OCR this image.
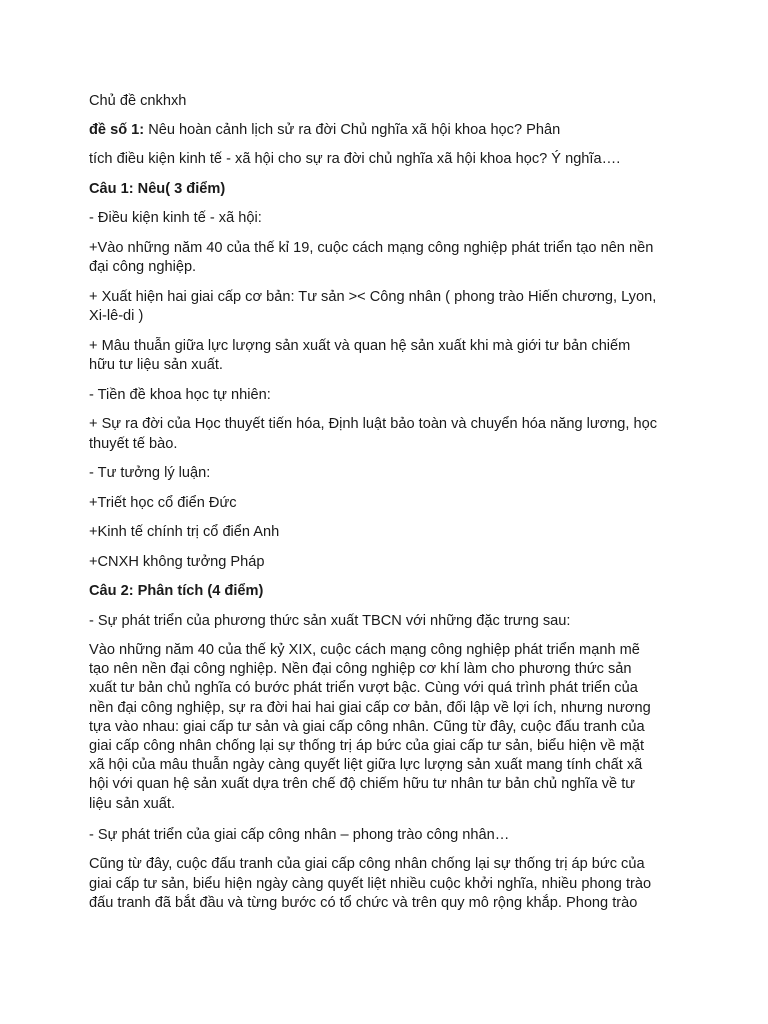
Chủ đề cnkhxh

đề số 1: Nêu hoàn cảnh lịch sử ra đời Chủ nghĩa xã hội khoa học? Phân

tích điều kiện kinh tế - xã hội cho sự ra đời chủ nghĩa xã hội khoa học? Ý nghĩa….

Câu 1: Nêu( 3 điểm)

- Điều kiện kinh tế - xã hội:

+Vào những năm 40 của thế kỉ 19, cuộc cách mạng công nghiệp phát triển tạo nên nền
đại công nghiệp.

+ Xuất hiện hai giai cấp cơ bản: Tư sản >< Công nhân ( phong trào Hiến chương, Lyon,
Xi-lê-di )

+ Mâu thuẫn giữa lực lượng sản xuất và quan hệ sản xuất khi mà giới tư bản chiếm
hữu tư liệu sản xuất.

- Tiền đề khoa học tự nhiên:

+ Sự ra đời của Học thuyết tiến hóa, Định luật bảo toàn và chuyển hóa năng lương, học
thuyết tế bào.

- Tư tưởng lý luận:

+Triết học cổ điển Đức

+Kinh tế chính trị cổ điển Anh

+CNXH không tưởng Pháp

Câu 2: Phân tích (4 điểm)

- Sự phát triển của phương thức sản xuất TBCN với những đặc trưng sau:

Vào những năm 40 của thế kỷ XIX, cuộc cách mạng công nghiệp phát triển mạnh mẽ
tạo nên nền đại công nghiệp. Nền đại công nghiệp cơ khí làm cho phương thức sản
xuất tư bản chủ nghĩa có bước phát triển vượt bậc. Cùng với quá trình phát triển của
nền đại công nghiệp, sự ra đời hai hai giai cấp cơ bản, đối lập về lợi ích, nhưng nương
tựa vào nhau: giai cấp tư sản và giai cấp công nhân. Cũng từ đây, cuộc đấu tranh của
giai cấp công nhân chống lại sự thống trị áp bức của giai cấp tư sản, biểu hiện về mặt
xã hội của mâu thuẫn ngày càng quyết liệt giữa lực lượng sản xuất mang tính chất xã
hội với quan hệ sản xuất dựa trên chế độ chiếm hữu tư nhân tư bản chủ nghĩa về tư
liệu sản xuất.

- Sự phát triển của giai cấp công nhân – phong trào công nhân…

Cũng từ đây, cuộc đấu tranh của giai cấp công nhân chống lại sự thống trị áp bức của
giai cấp tư sản, biểu hiện ngày càng quyết liệt nhiều cuộc khởi nghĩa, nhiều phong trào
đấu tranh đã bắt đầu và từng bước có tổ chức và trên quy mô rộng khắp. Phong trào
